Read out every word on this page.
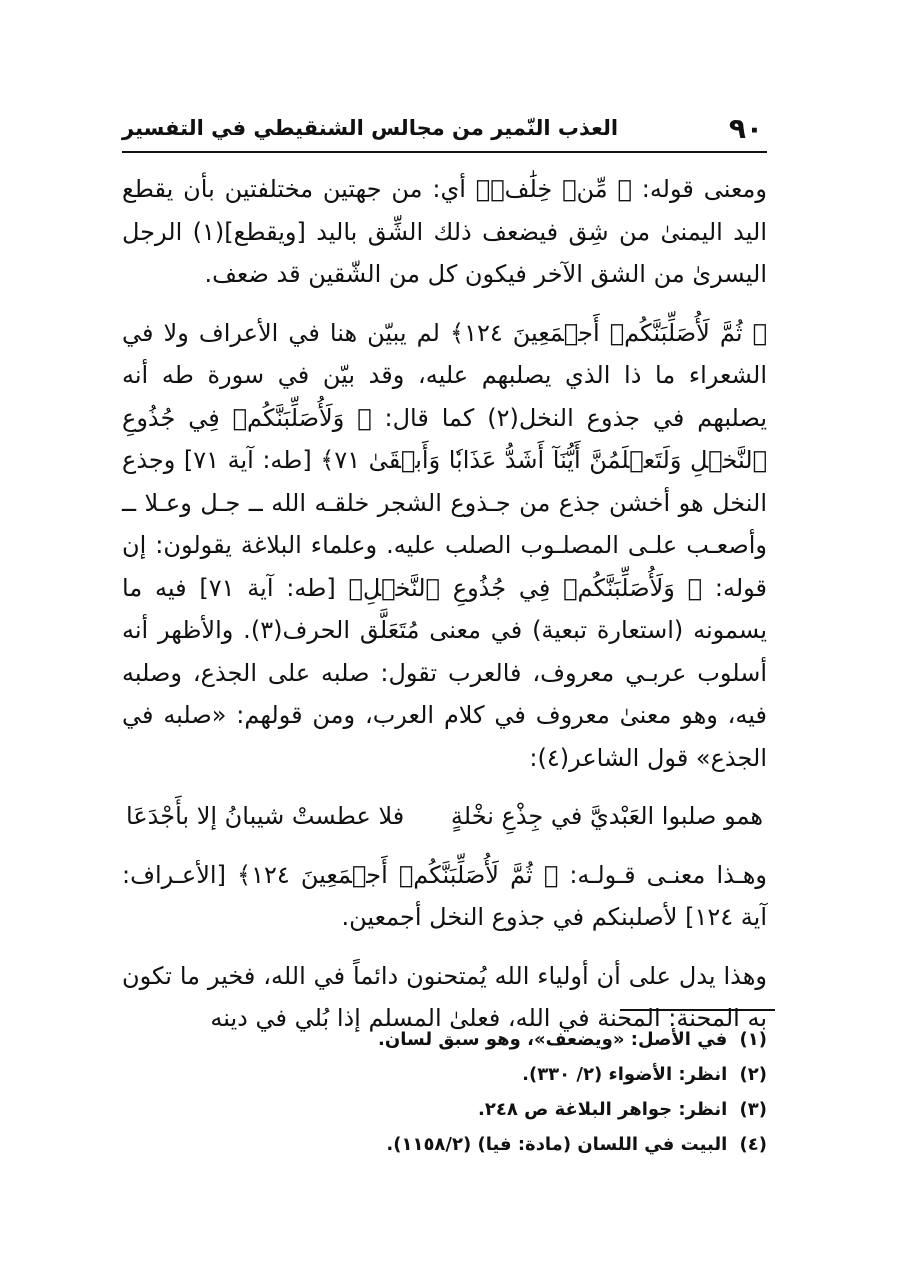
٩٠
العذب النّمير من مجالس الشنقيطي في التفسير

ومعنى قوله: ﴿ مِّنۡ خِلَٰفٖ﴾ أي: من جهتين مختلفتين بأن يقطع اليد اليمنىٰ من شِق فيضعف ذلك الشِّق باليد [ويقطع](١) الرجل اليسرىٰ من الشق الآخر فيكون كل من الشّقين قد ضعف.

﴿ ثُمَّ لَأُصَلِّبَنَّكُمۡ أَجۡمَعِينَ ١٢٤﴾ لم يبيّن هنا في الأعراف ولا في الشعراء ما ذا الذي يصلبهم عليه، وقد بيّن في سورة طه أنه يصلبهم في جذوع النخل(٢) كما قال: ﴿ وَلَأُصَلِّبَنَّكُمۡ فِي جُذُوعِ ٱلنَّخۡلِ وَلَتَعۡلَمُنَّ أَيُّنَآ أَشَدُّ عَذَابٗا وَأَبۡقَىٰ ٧١﴾ [طه: آية ٧١] وجذع النخل هو أخشن جذع من جـذوع الشجر خلقـه الله ــ جـل وعـلا ــ وأصعـب علـى المصلـوب الصلب عليه. وعلماء البلاغة يقولون: إن قوله: ﴿ وَلَأُصَلِّبَنَّكُمۡ فِي جُذُوعِ ٱلنَّخۡلِ﴾ [طه: آية ٧١] فيه ما يسمونه (استعارة تبعية) في معنى مُتَعَلَّق الحرف(٣). والأظهر أنه أسلوب عربـي معروف، فالعرب تقول: صلبه على الجذع، وصلبه فيه، وهو معنىٰ معروف في كلام العرب، ومن قولهم: «صلبه في الجذع» قول الشاعر(٤):

همو صلبوا العَبْديَّ في جِذْعِ نخْلةٍ
فلا عطستْ شيبانُ إلا بأَجْدَعَا

وهـذا معنـى قـولـه: ﴿ ثُمَّ لَأُصَلِّبَنَّكُمۡ أَجۡمَعِينَ ١٢٤﴾ [الأعـراف: آية ١٢٤] لأصلبنكم في جذوع النخل أجمعين.

وهذا يدل على أن أولياء الله يُمتحنون دائماً في الله، فخير ما تكون به المحنة: المحنة في الله، فعلىٰ المسلم إذا بُلي في دينه

(١) في الأصل: «ويضعف»، وهو سبق لسان.
(٢) انظر: الأضواء (٢/ ٣٣٠).
(٣) انظر: جواهر البلاغة ص ٢٤٨.
(٤) البيت في اللسان (مادة: فيا) (١١٥٨/٢).
